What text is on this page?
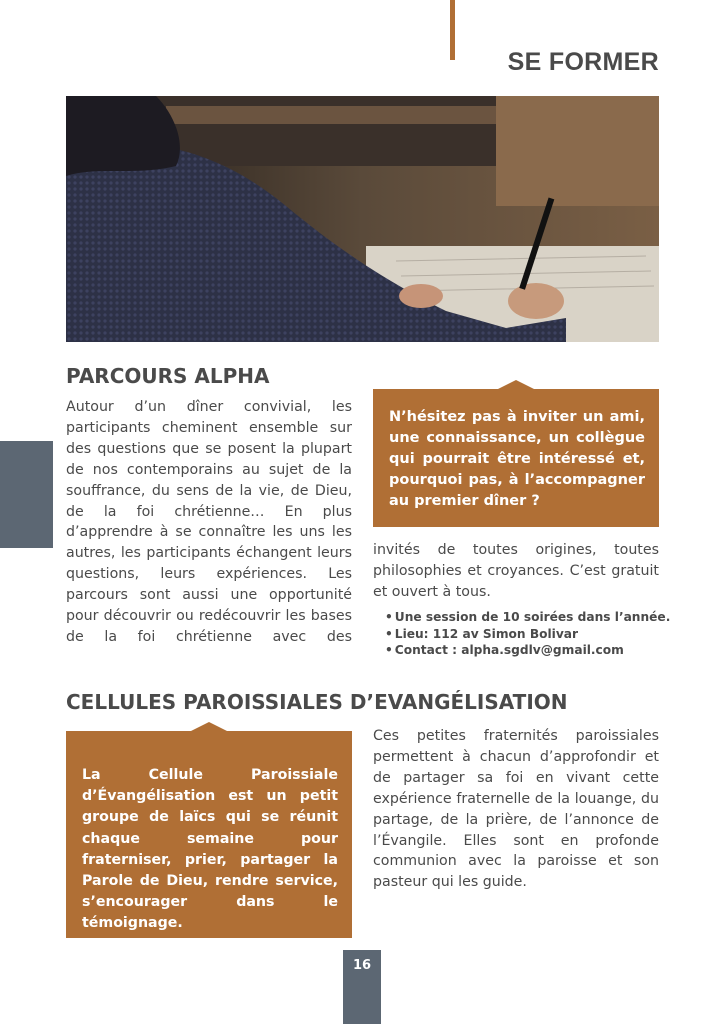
SE FORMER
PARCOURS ALPHA

Autour d’un dîner convivial, les participants cheminent ensemble sur des questions que se posent la plupart de nos contemporains au sujet de la souffrance, du sens de la vie, de Dieu, de la foi chrétienne… En plus d’apprendre à se connaître les uns les autres, les participants échangent leurs questions, leurs expériences. Les parcours sont aussi une opportunité pour découvrir ou redécouvrir les bases de la foi chrétienne avec des

N’hésitez pas à inviter un ami, une connaissance, un collègue qui pourrait être intéressé et, pourquoi pas, à l’accompagner au premier dîner ?

invités de toutes origines, toutes philosophies et croyances. C’est gratuit et ouvert à tous.

• Une session de 10 soirées dans l’année.
• Lieu: 112 av Simon Bolivar
• Contact : alpha.sgdlv@gmail.com
CELLULES PAROISSIALES D’EVANGÉLISATION

La Cellule Paroissiale d’Évangélisation est un petit groupe de laïcs qui se réunit chaque semaine pour fraterniser, prier, partager la Parole de Dieu, rendre service, s’encourager dans le témoignage.

Ces petites fraternités paroissiales permettent à chacun d’approfondir et de partager sa foi en vivant cette expérience fraternelle de la louange, du partage, de la prière, de l’annonce de l’Évangile. Elles sont en profonde communion avec la paroisse et son pasteur qui les guide.

16
